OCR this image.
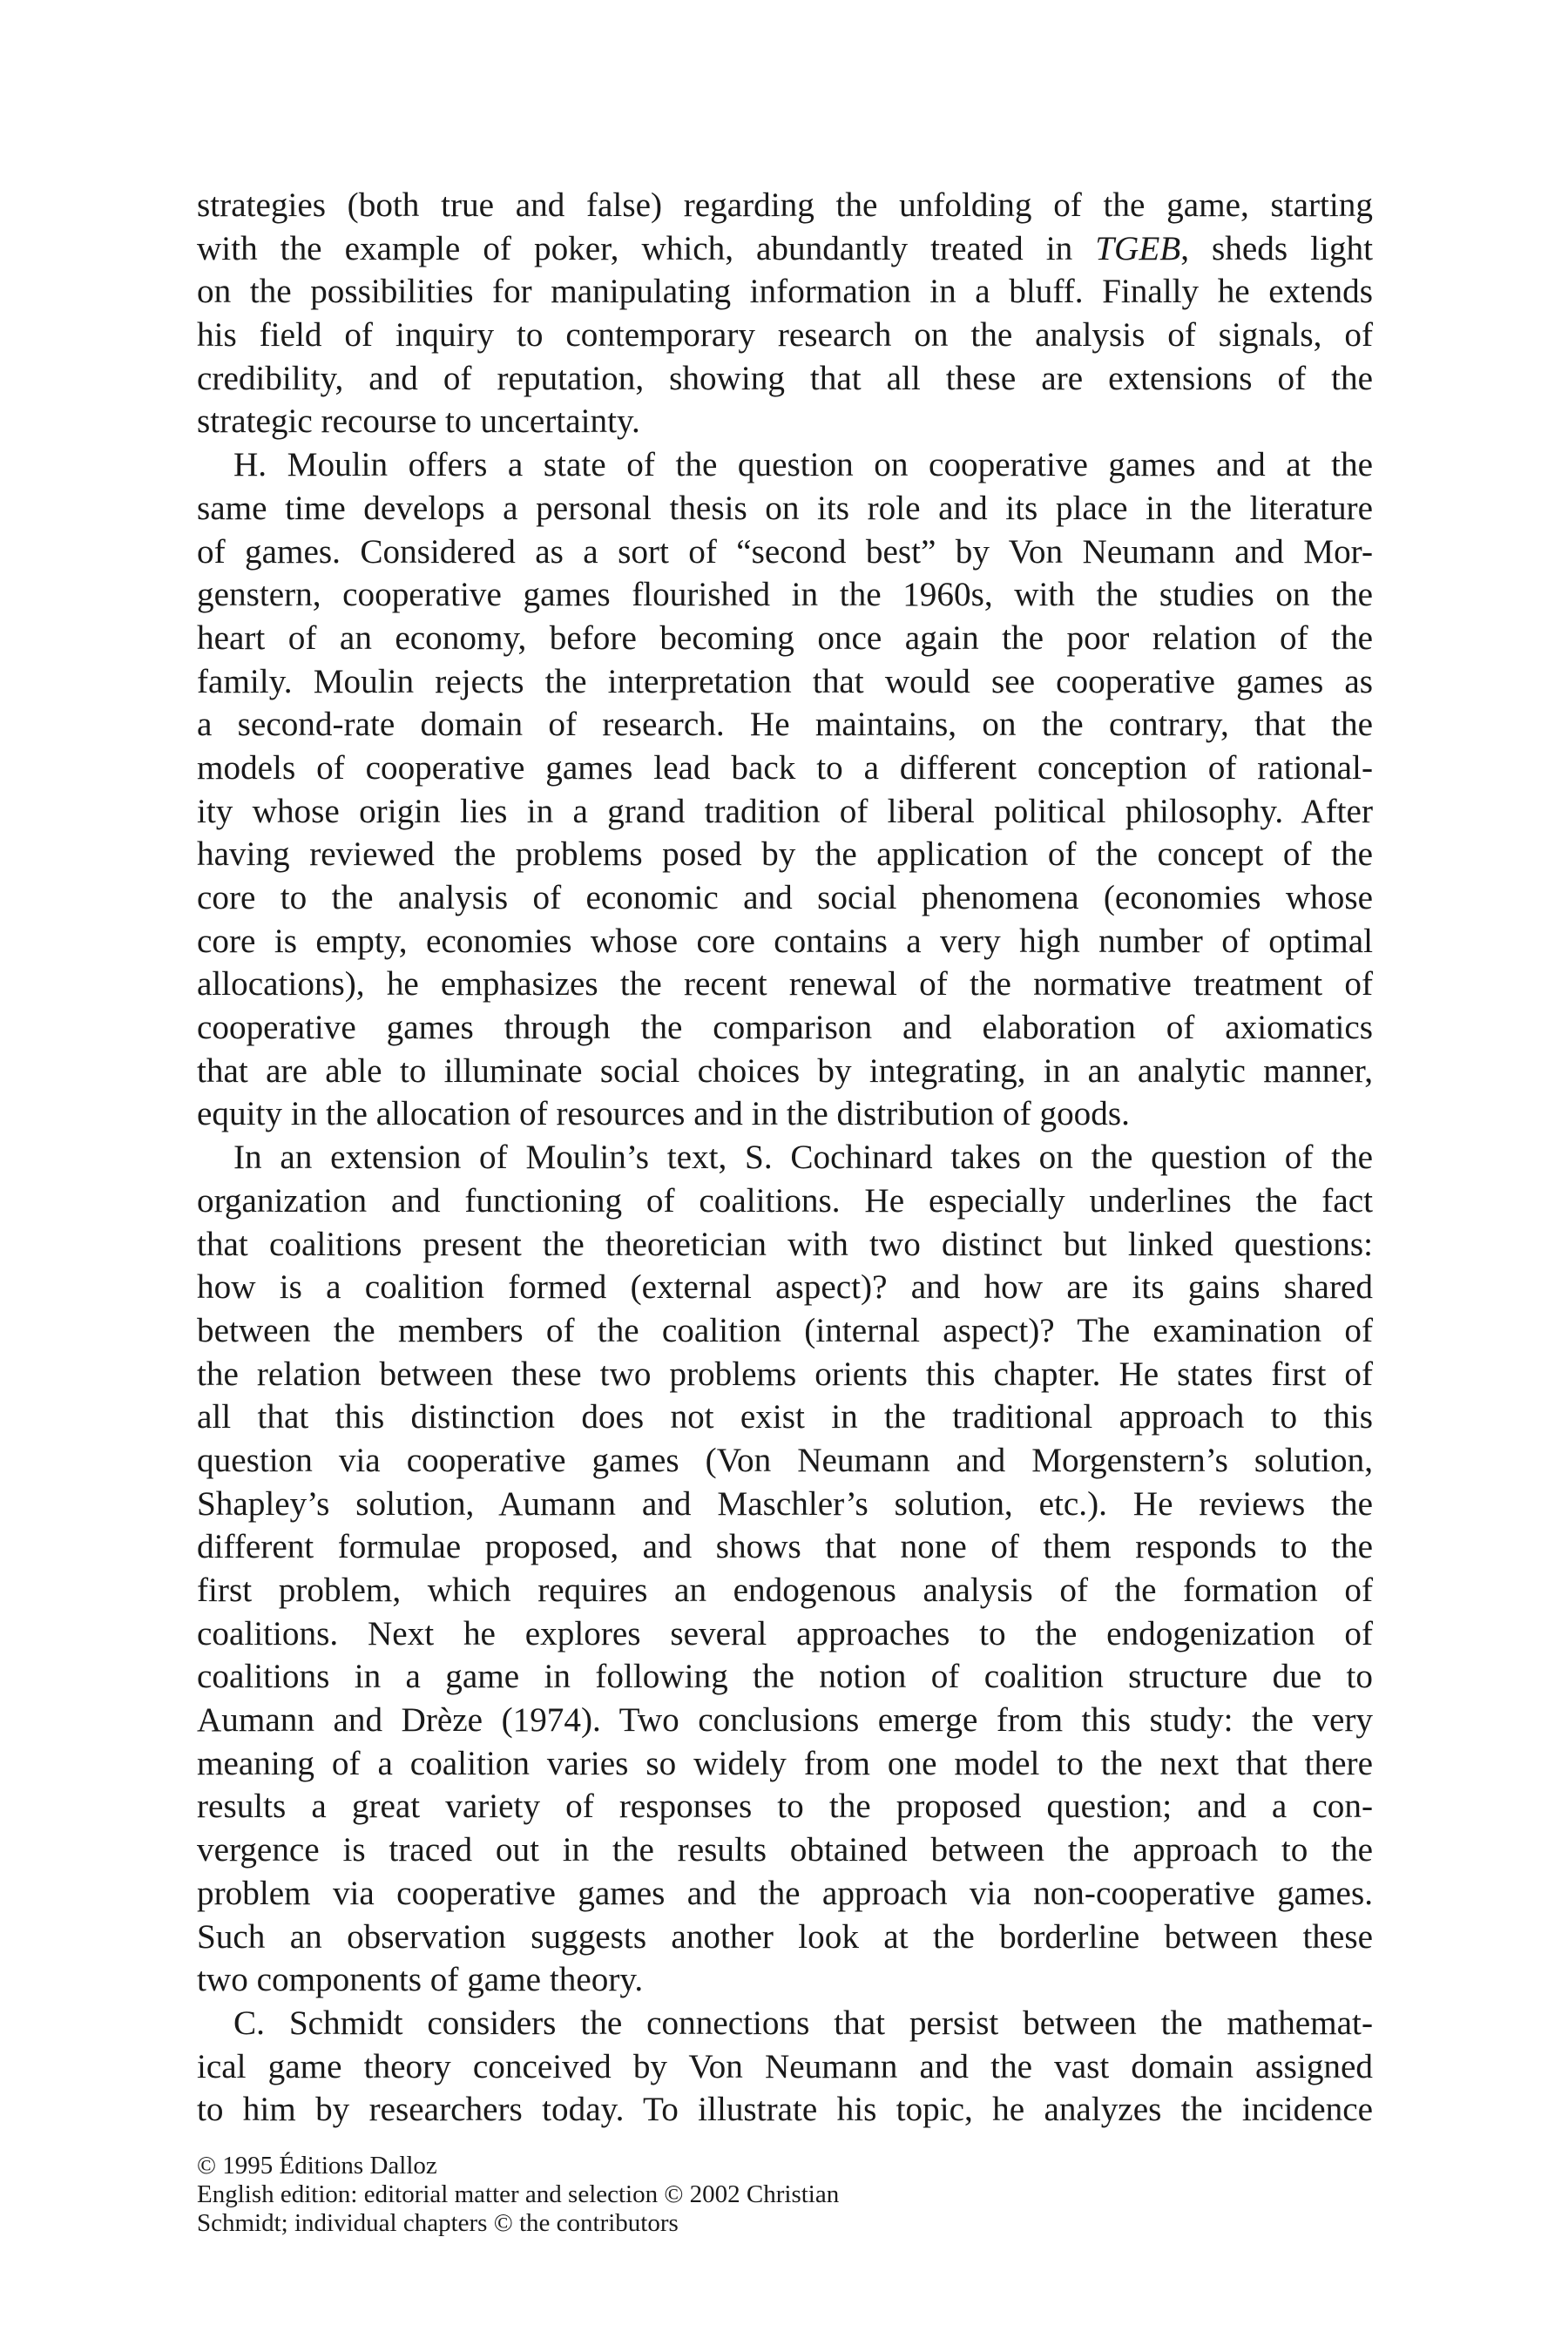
strategies (both true and false) regarding the unfolding of the game, starting
with the example of poker, which, abundantly treated in TGEB, sheds light
on the possibilities for manipulating information in a bluff. Finally he extends
his field of inquiry to contemporary research on the analysis of signals, of
credibility, and of reputation, showing that all these are extensions of the
strategic recourse to uncertainty.
H. Moulin offers a state of the question on cooperative games and at the
same time develops a personal thesis on its role and its place in the literature
of games. Considered as a sort of “second best” by Von Neumann and Mor-
genstern, cooperative games flourished in the 1960s, with the studies on the
heart of an economy, before becoming once again the poor relation of the
family. Moulin rejects the interpretation that would see cooperative games as
a second-rate domain of research. He maintains, on the contrary, that the
models of cooperative games lead back to a different conception of rational-
ity whose origin lies in a grand tradition of liberal political philosophy. After
having reviewed the problems posed by the application of the concept of the
core to the analysis of economic and social phenomena (economies whose
core is empty, economies whose core contains a very high number of optimal
allocations), he emphasizes the recent renewal of the normative treatment of
cooperative games through the comparison and elaboration of axiomatics
that are able to illuminate social choices by integrating, in an analytic manner,
equity in the allocation of resources and in the distribution of goods.
In an extension of Moulin’s text, S. Cochinard takes on the question of the
organization and functioning of coalitions. He especially underlines the fact
that coalitions present the theoretician with two distinct but linked questions:
how is a coalition formed (external aspect)? and how are its gains shared
between the members of the coalition (internal aspect)? The examination of
the relation between these two problems orients this chapter. He states first of
all that this distinction does not exist in the traditional approach to this
question via cooperative games (Von Neumann and Morgenstern’s solution,
Shapley’s solution, Aumann and Maschler’s solution, etc.). He reviews the
different formulae proposed, and shows that none of them responds to the
first problem, which requires an endogenous analysis of the formation of
coalitions. Next he explores several approaches to the endogenization of
coalitions in a game in following the notion of coalition structure due to
Aumann and Drèze (1974). Two conclusions emerge from this study: the very
meaning of a coalition varies so widely from one model to the next that there
results a great variety of responses to the proposed question; and a con-
vergence is traced out in the results obtained between the approach to the
problem via cooperative games and the approach via non-cooperative games.
Such an observation suggests another look at the borderline between these
two components of game theory.
C. Schmidt considers the connections that persist between the mathemat-
ical game theory conceived by Von Neumann and the vast domain assigned
to him by researchers today. To illustrate his topic, he analyzes the incidence
© 1995 Éditions Dalloz
English edition: editorial matter and selection © 2002 Christian
Schmidt; individual chapters © the contributors
